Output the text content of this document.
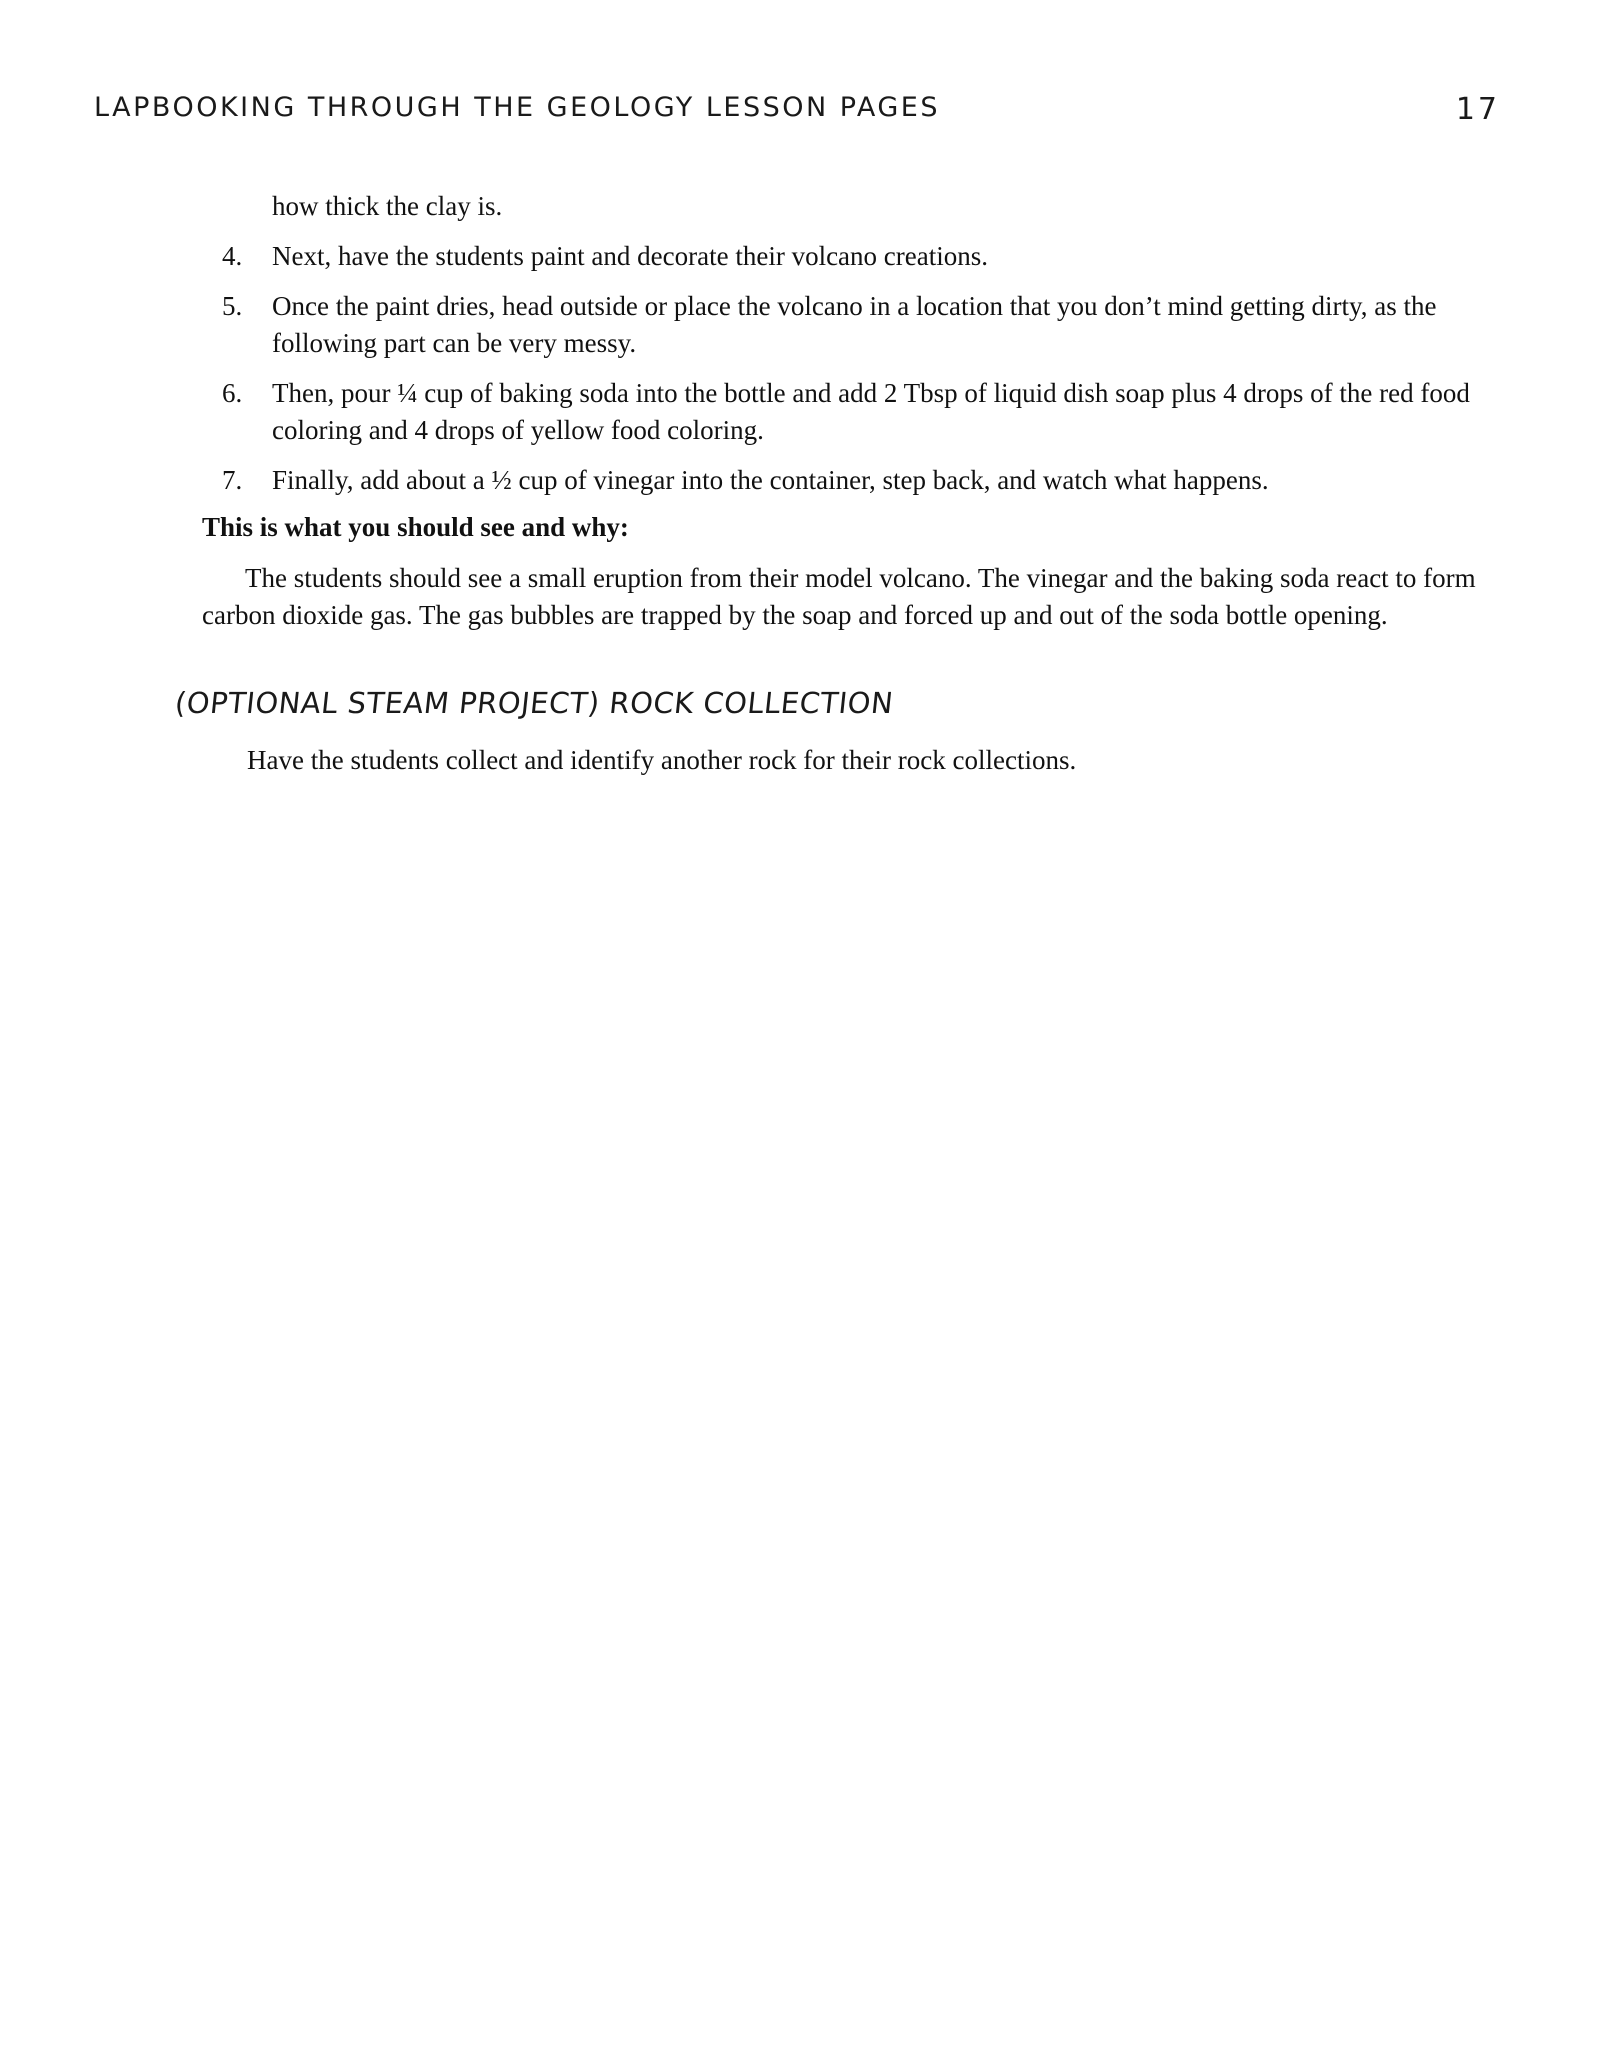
LAPBOOKING THROUGH THE GEOLOGY LESSON PAGES	17
how thick the clay is.
4. Next, have the students paint and decorate their volcano creations.
5. Once the paint dries, head outside or place the volcano in a location that you don’t mind getting dirty, as the following part can be very messy.
6. Then, pour ¼ cup of baking soda into the bottle and add 2 Tbsp of liquid dish soap plus 4 drops of the red food coloring and 4 drops of yellow food coloring.
7. Finally, add about a ½ cup of vinegar into the container, step back, and watch what happens.
This is what you should see and why:

The students should see a small eruption from their model volcano. The vinegar and the baking soda react to form carbon dioxide gas. The gas bubbles are trapped by the soap and forced up and out of the soda bottle opening.

(OPTIONAL STEAM PROJECT) ROCK COLLECTION
Have the students collect and identify another rock for their rock collections.
